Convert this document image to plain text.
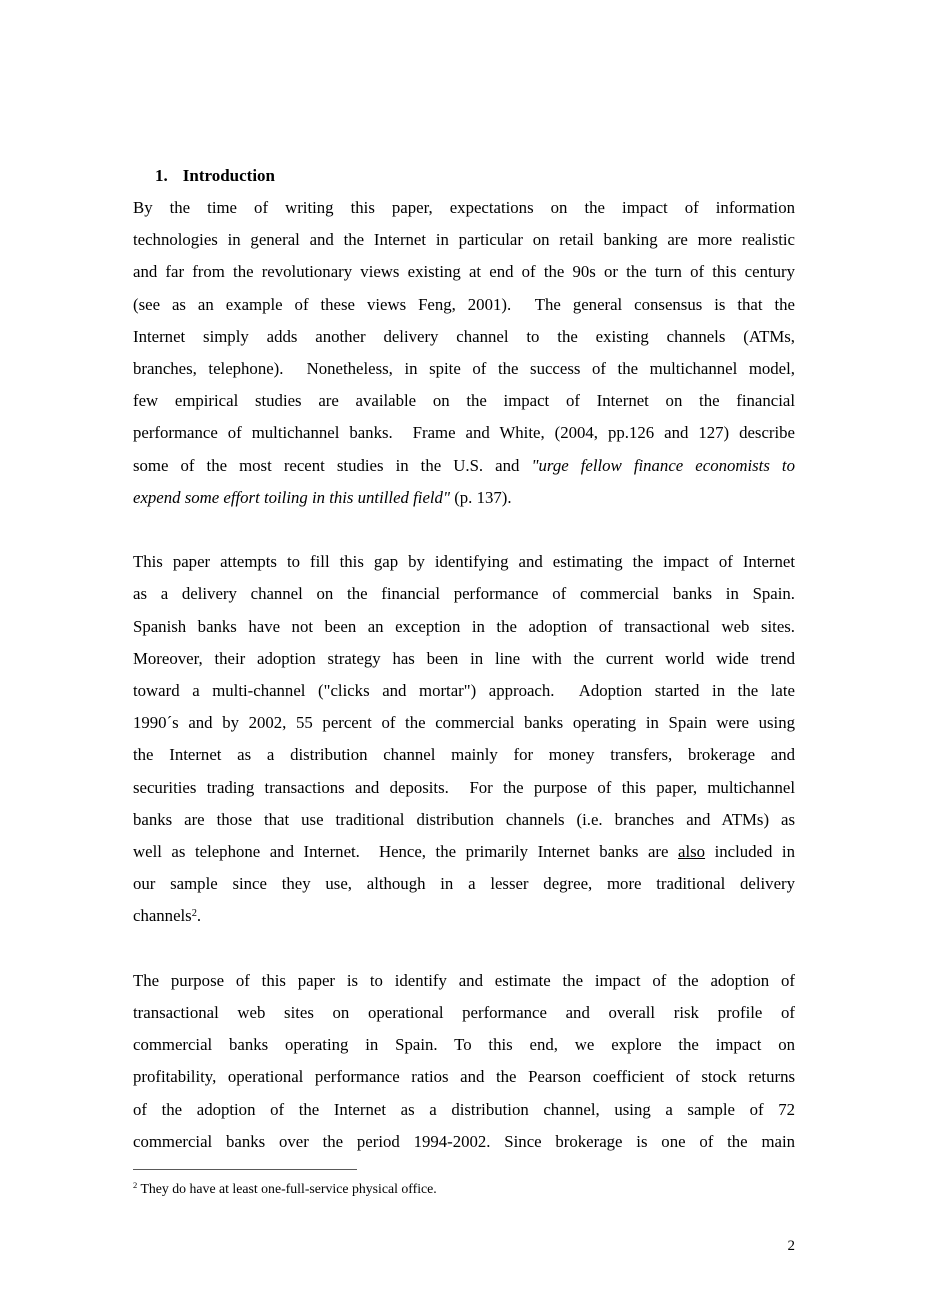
1. Introduction
By the time of writing this paper, expectations on the impact of information
technologies in general and the Internet in particular on retail banking are more realistic
and far from the revolutionary views existing at end of the 90s or the turn of this century
(see as an example of these views Feng, 2001).  The general consensus is that the
Internet simply adds another delivery channel to the existing channels (ATMs,
branches, telephone).  Nonetheless, in spite of the success of the multichannel model,
few empirical studies are available on the impact of Internet on the financial
performance of multichannel banks.  Frame and White, (2004, pp.126 and 127) describe
some of the most recent studies in the U.S. and "urge fellow finance economists to
expend some effort toiling in this untilled field" (p. 137).
This paper attempts to fill this gap by identifying and estimating the impact of Internet
as a delivery channel on the financial performance of commercial banks in Spain.
Spanish banks have not been an exception in the adoption of transactional web sites.
Moreover, their adoption strategy has been in line with the current world wide trend
toward a multi-channel ("clicks and mortar") approach.  Adoption started in the late
1990´s and by 2002, 55 percent of the commercial banks operating in Spain were using
the Internet as a distribution channel mainly for money transfers, brokerage and
securities trading transactions and deposits.  For the purpose of this paper, multichannel
banks are those that use traditional distribution channels (i.e. branches and ATMs) as
well as telephone and Internet.  Hence, the primarily Internet banks are also included in
our sample since they use, although in a lesser degree, more traditional delivery
channels$^2$.
The purpose of this paper is to identify and estimate the impact of the adoption of
transactional web sites on operational performance and overall risk profile of
commercial banks operating in Spain. To this end, we explore the impact on
profitability, operational performance ratios and the Pearson coefficient of stock returns
of the adoption of the Internet as a distribution channel, using a sample of 72
commercial banks over the period 1994-2002. Since brokerage is one of the main
$^2$ They do have at least one-full-service physical office.
2
